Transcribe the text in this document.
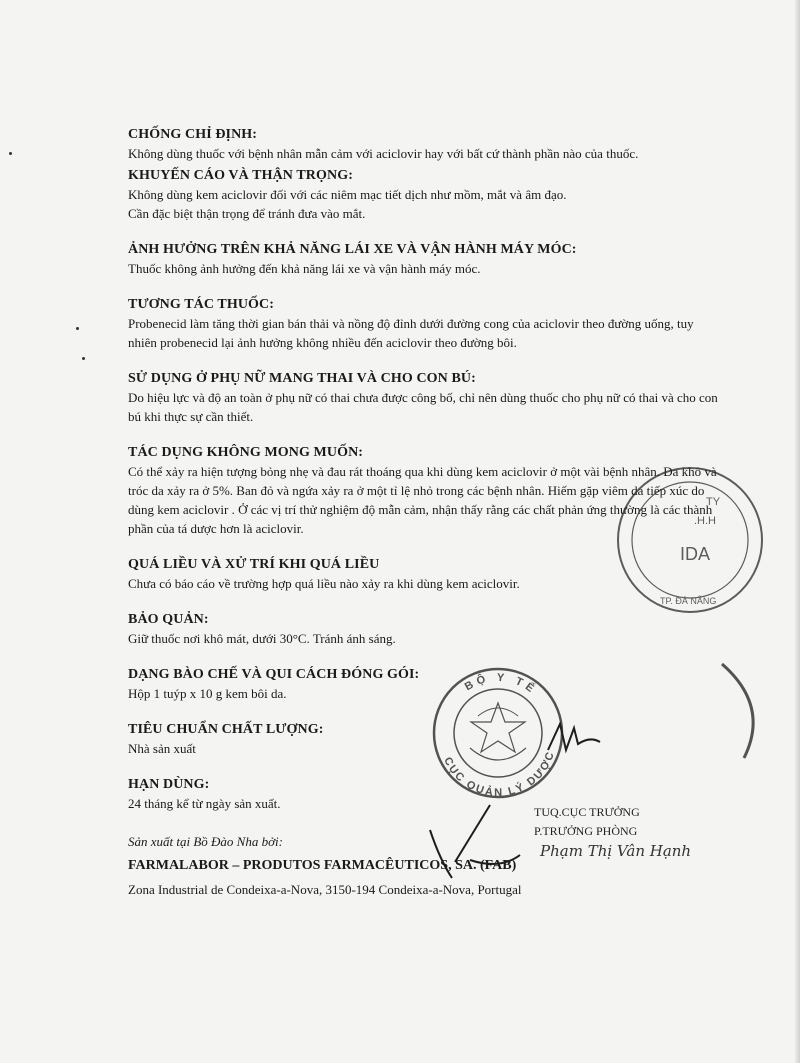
CHỐNG CHỈ ĐỊNH:
Không dùng thuốc với bệnh nhân mẫn cảm với aciclovir hay với bất cứ thành phần nào của thuốc.
KHUYẾN CÁO VÀ THẬN TRỌNG:
Không dùng kem aciclovir đối với các niêm mạc tiết dịch như mồm, mắt và âm đạo.
Cần đặc biệt thận trọng để tránh đưa vào mắt.
ẢNH HƯỞNG TRÊN KHẢ NĂNG LÁI XE VÀ VẬN HÀNH MÁY MÓC:
Thuốc không ảnh hưởng đến khả năng lái xe và vận hành máy móc.
TƯƠNG TÁC THUỐC:
Probenecid làm tăng thời gian bán thải và nồng độ đỉnh dưới đường cong của aciclovir theo đường uống, tuy nhiên probenecid lại ảnh hưởng không nhiều đến aciclovir theo đường bôi.
SỬ DỤNG Ở PHỤ NỮ MANG THAI VÀ CHO CON BÚ:
Do hiệu lực và độ an toàn ở phụ nữ có thai chưa được công bố, chỉ nên dùng thuốc cho phụ nữ có thai và cho con bú khi thực sự cần thiết.
TÁC DỤNG KHÔNG MONG MUỐN:
Có thể xảy ra hiện tượng bỏng nhẹ và đau rát thoáng qua khi dùng kem aciclovir ở một vài bệnh nhân. Da khô và tróc da xảy ra ở 5%. Ban đỏ và ngứa xảy ra ở một tỉ lệ nhỏ trong các bệnh nhân. Hiếm gặp viêm da tiếp xúc do dùng kem aciclovir . Ở các vị trí thử nghiệm độ mẫn cảm, nhận thấy rằng các chất phản ứng thường là các thành phần của tá dược hơn là aciclovir.
QUÁ LIỀU VÀ XỬ TRÍ KHI QUÁ LIỀU
Chưa có báo cáo về trường hợp quá liều nào xảy ra khi dùng kem aciclovir.
BẢO QUẢN:
Giữ thuốc nơi khô mát, dưới 30°C. Tránh ánh sáng.
DẠNG BÀO CHẾ VÀ QUI CÁCH ĐÓNG GÓI:
Hộp 1 tuýp x 10 g kem bôi da.
TIÊU CHUẨN CHẤT LƯỢNG:
Nhà sản xuất
HẠN DÙNG:
24 tháng kể từ ngày sản xuất.
Sản xuất tại Bồ Đào Nha bởi:
FARMALABOR – PRODUTOS FARMACÊUTICOS, SA. (FAB)
Zona Industrial de Condeixa-a-Nova, 3150-194 Condeixa-a-Nova, Portugal
TUQ.CỤC TRƯỞNG
P.TRƯỞNG PHÒNG
Phạm Thị Vân Hạnh
BỘ Y TẾ
CỤC QUẢN LÝ DƯỢC
TY
.H.H
IDA
TP. ĐÀ NẴNG
